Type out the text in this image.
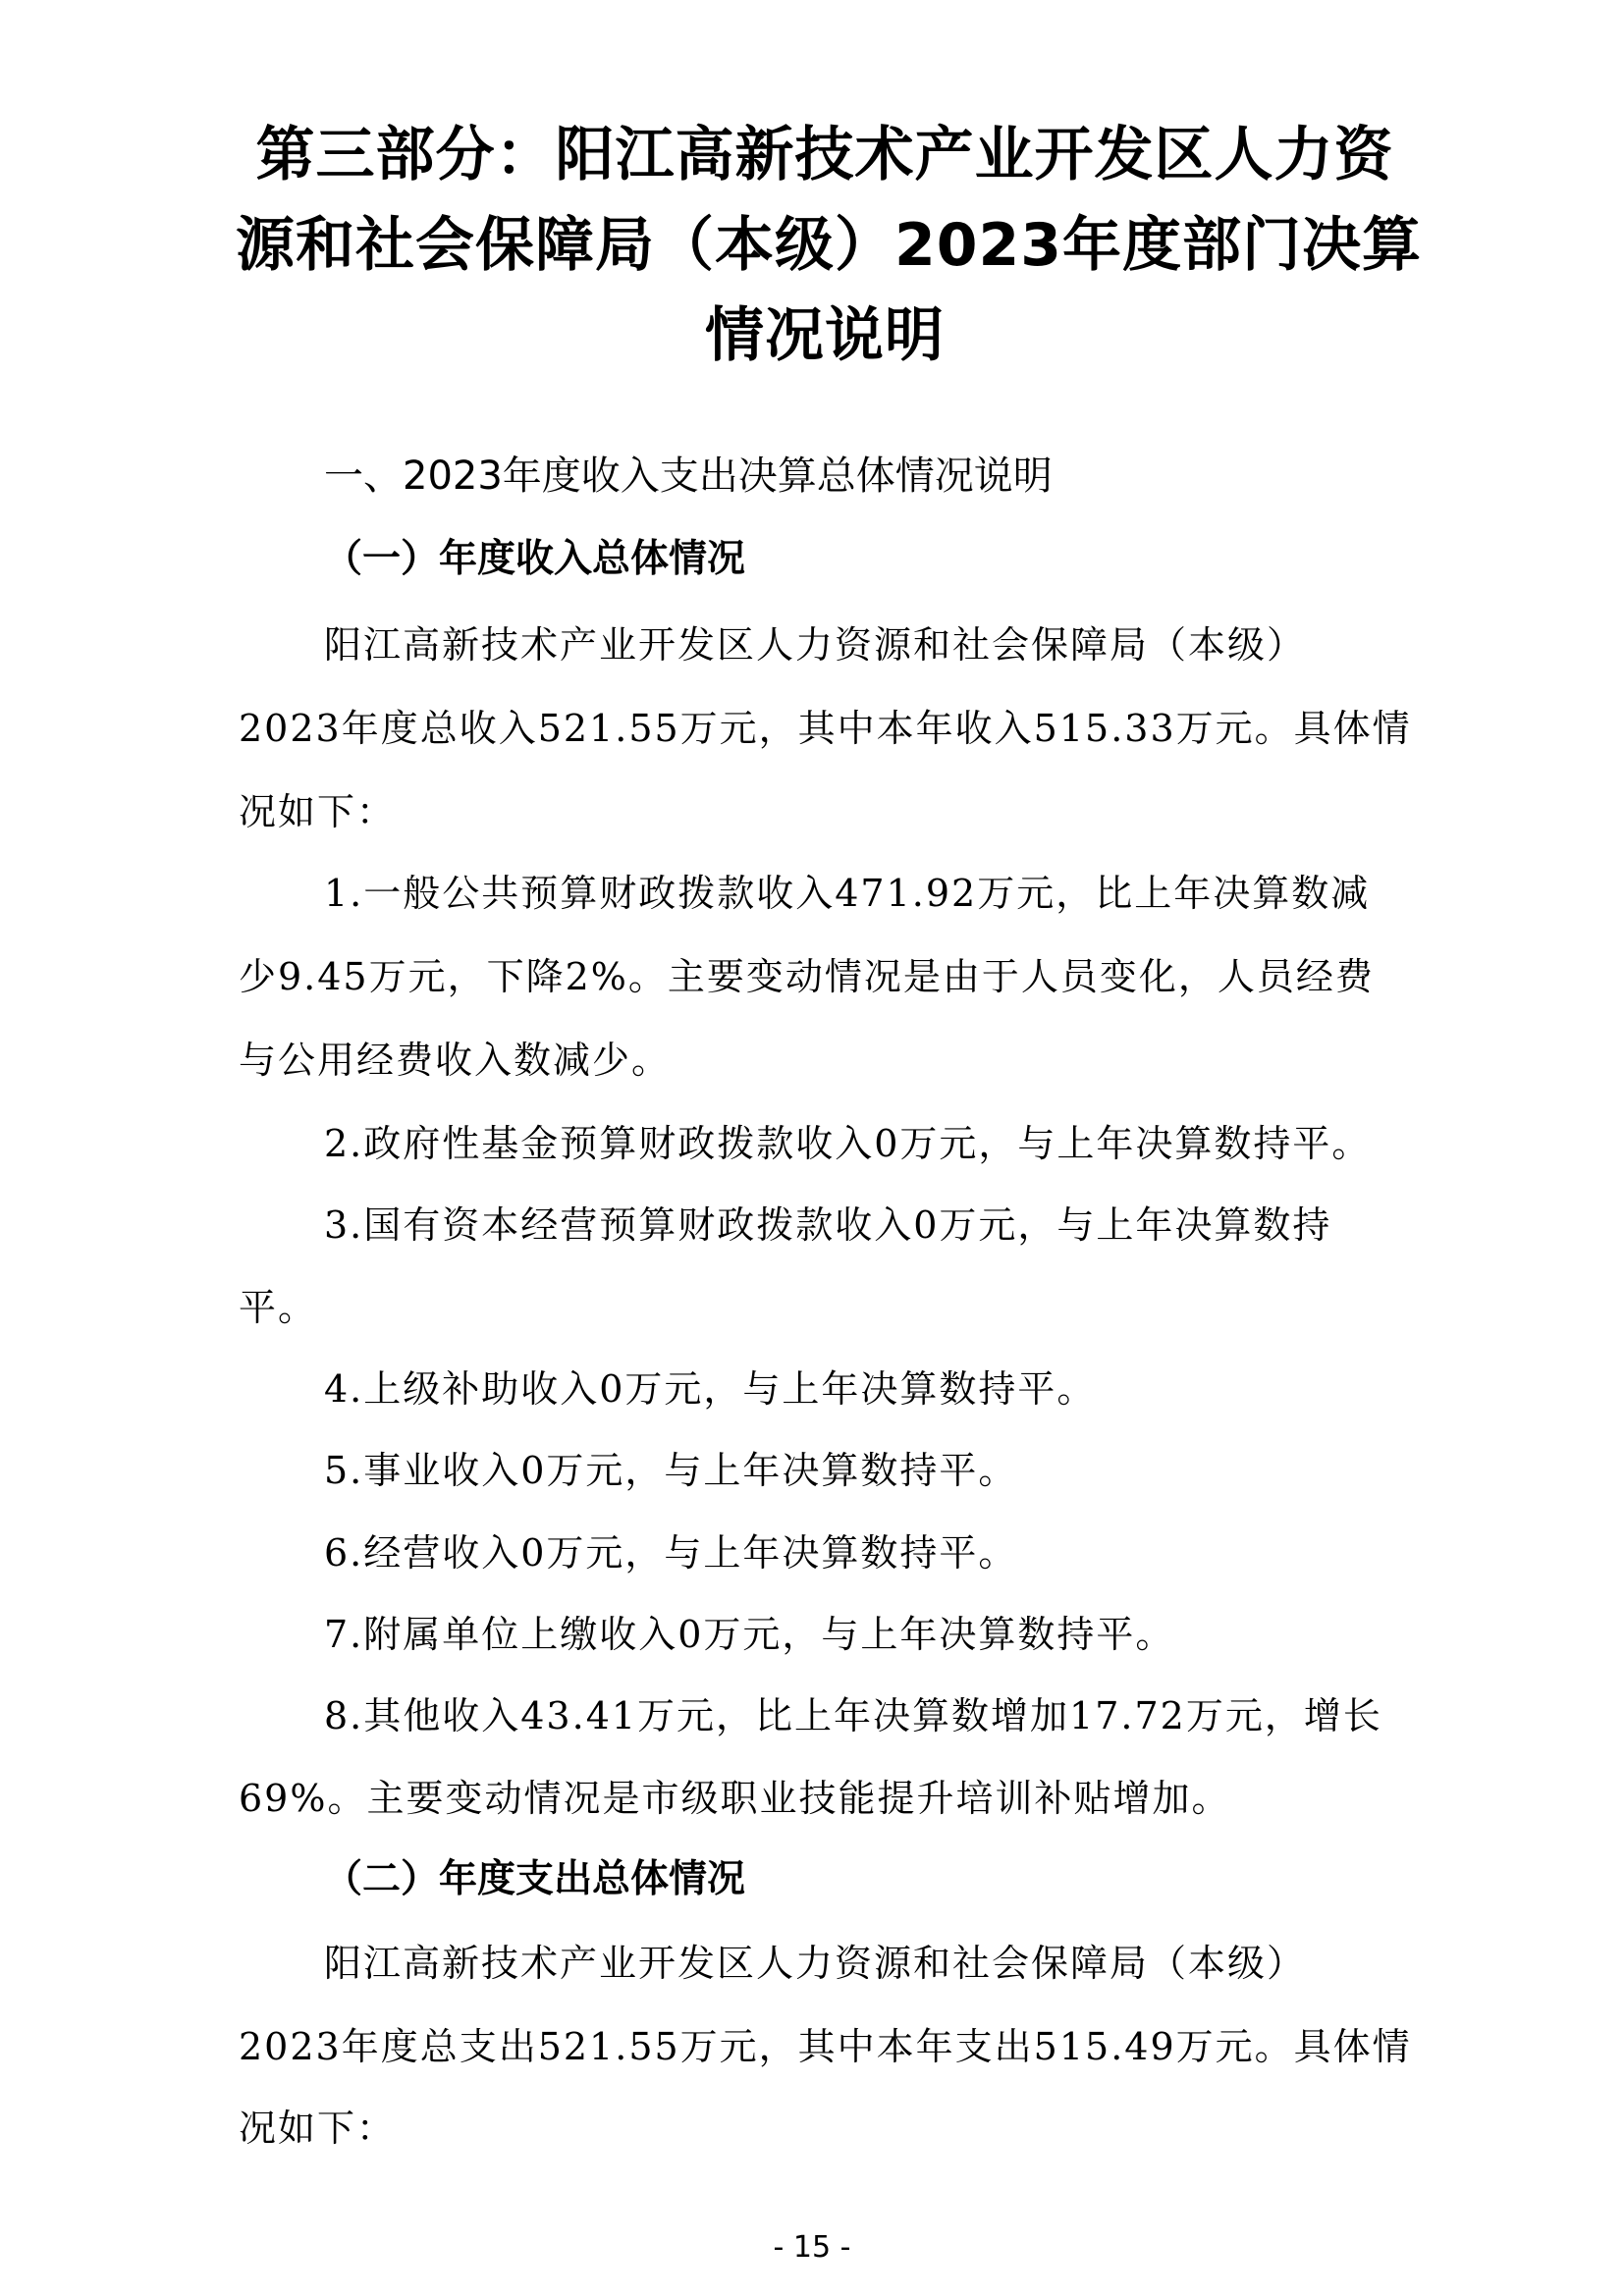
第三部分：阳江高新技术产业开发区人力资
源和社会保障局（本级）2023年度部门决算
情况说明
一、2023年度收入支出决算总体情况说明
（一）年度收入总体情况
阳江高新技术产业开发区人力资源和社会保障局（本级）
2023年度总收入521.55万元，其中本年收入515.33万元。具体情
况如下：
1.一般公共预算财政拨款收入471.92万元，比上年决算数减
少9.45万元，下降2%。主要变动情况是由于人员变化，人员经费
与公用经费收入数减少。
2.政府性基金预算财政拨款收入0万元，与上年决算数持平。
3.国有资本经营预算财政拨款收入0万元，与上年决算数持
平。
4.上级补助收入0万元，与上年决算数持平。
5.事业收入0万元，与上年决算数持平。
6.经营收入0万元，与上年决算数持平。
7.附属单位上缴收入0万元，与上年决算数持平。
8.其他收入43.41万元，比上年决算数增加17.72万元，增长
69%。主要变动情况是市级职业技能提升培训补贴增加。
（二）年度支出总体情况
阳江高新技术产业开发区人力资源和社会保障局（本级）
2023年度总支出521.55万元，其中本年支出515.49万元。具体情
况如下：
- 15 -
